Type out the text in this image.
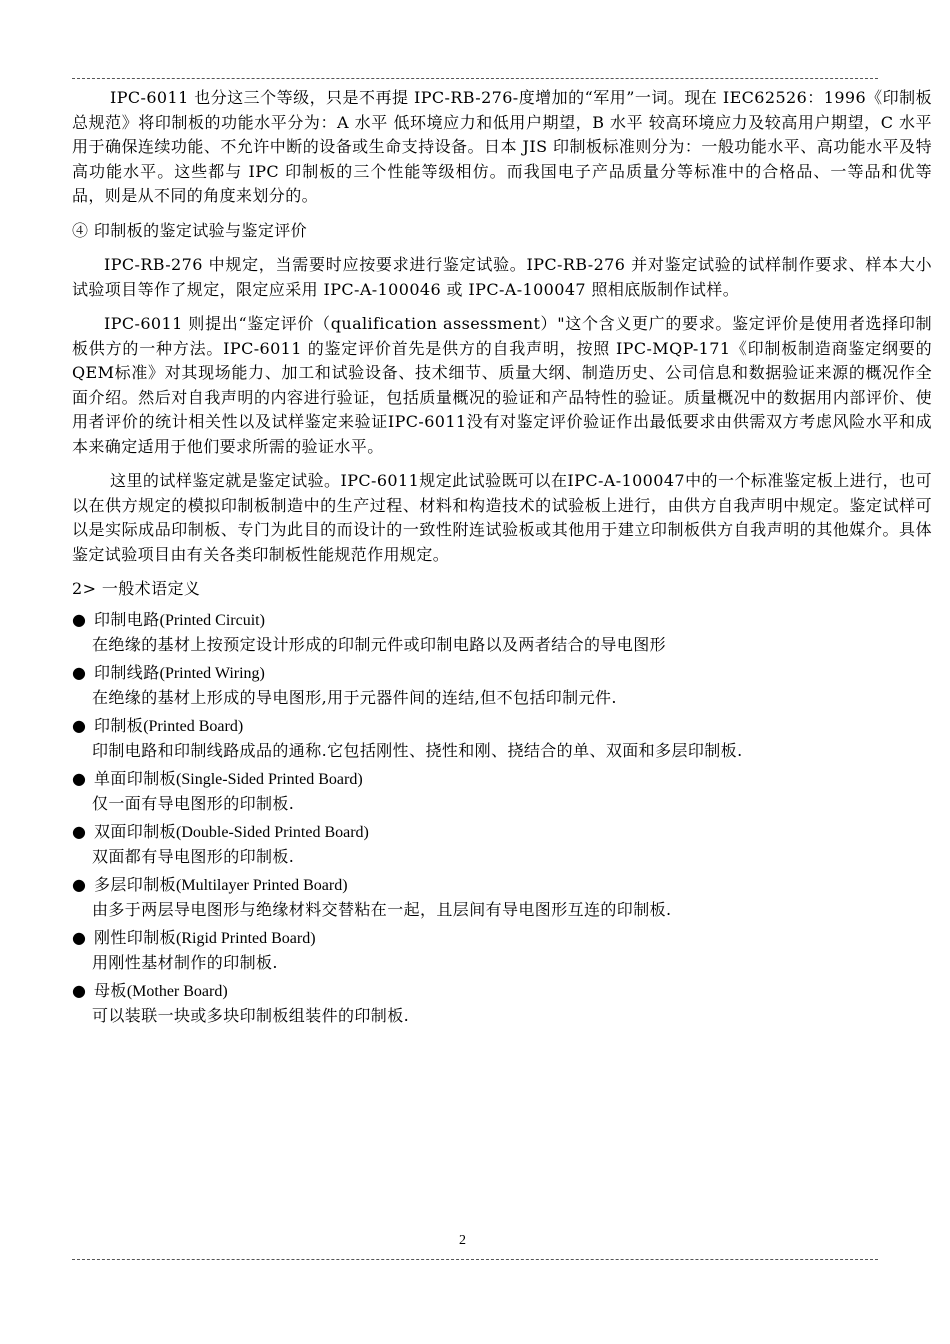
IPC-6011 也分这三个等级，只是不再提 IPC-RB-276-度增加的“军用”一词。现在 IEC62526：1996《印制板总规范》将印制板的功能水平分为：A 水平 低环境应力和低用户期望，B 水平 较高环境应力及较高用户期望，C 水平 用于确保连续功能、不允许中断的设备或生命支持设备。日本 JIS 印制板标准则分为：一般功能水平、高功能水平及特高功能水平。这些都与 IPC 印制板的三个性能等级相仿。而我国电子产品质量分等标准中的合格品、一等品和优等品，则是从不同的角度来划分的。

④ 印制板的鉴定试验与鉴定评价

IPC-RB-276 中规定，当需要时应按要求进行鉴定试验。IPC-RB-276 并对鉴定试验的试样制作要求、样本大小试验项目等作了规定，限定应采用 IPC-A-100046 或 IPC-A-100047 照相底版制作试样。

IPC-6011 则提出“鉴定评价（qualification assessment）"这个含义更广的要求。鉴定评价是使用者选择印制板供方的一种方法。IPC-6011 的鉴定评价首先是供方的自我声明，按照 IPC-MQP-171《印制板制造商鉴定纲要的QEM标准》对其现场能力、加工和试验设备、技术细节、质量大纲、制造历史、公司信息和数据验证来源的概况作全面介绍。然后对自我声明的内容进行验证，包括质量概况的验证和产品特性的验证。质量概况中的数据用内部评价、使用者评价的统计相关性以及试样鉴定来验证IPC-6011没有对鉴定评价验证作出最低要求由供需双方考虑风险水平和成本来确定适用于他们要求所需的验证水平。

这里的试样鉴定就是鉴定试验。IPC-6011规定此试验既可以在IPC-A-100047中的一个标准鉴定板上进行，也可以在供方规定的模拟印制板制造中的生产过程、材料和构造技术的试验板上进行，由供方自我声明中规定。鉴定试样可以是实际成品印制板、专门为此目的而设计的一致性附连试验板或其他用于建立印制板供方自我声明的其他媒介。具体鉴定试验项目由有关各类印制板性能规范作用规定。

2> 一般术语定义

● 印制电路(Printed Circuit)

在绝缘的基材上按预定设计形成的印制元件或印制电路以及两者结合的导电图形

● 印制线路(Printed Wiring)

在绝缘的基材上形成的导电图形,用于元器件间的连结,但不包括印制元件.

● 印制板(Printed Board)

印制电路和印制线路成品的通称.它包括刚性、挠性和刚、挠结合的单、双面和多层印制板.

● 单面印制板(Single-Sided Printed Board)

仅一面有导电图形的印制板.

● 双面印制板(Double-Sided Printed Board)

双面都有导电图形的印制板.

● 多层印制板(Multilayer Printed Board)

由多于两层导电图形与绝缘材料交替粘在一起，且层间有导电图形互连的印制板.

● 刚性印制板(Rigid Printed Board)

用刚性基材制作的印制板.

● 母板(Mother Board)

可以装联一块或多块印制板组装件的印制板.

2
